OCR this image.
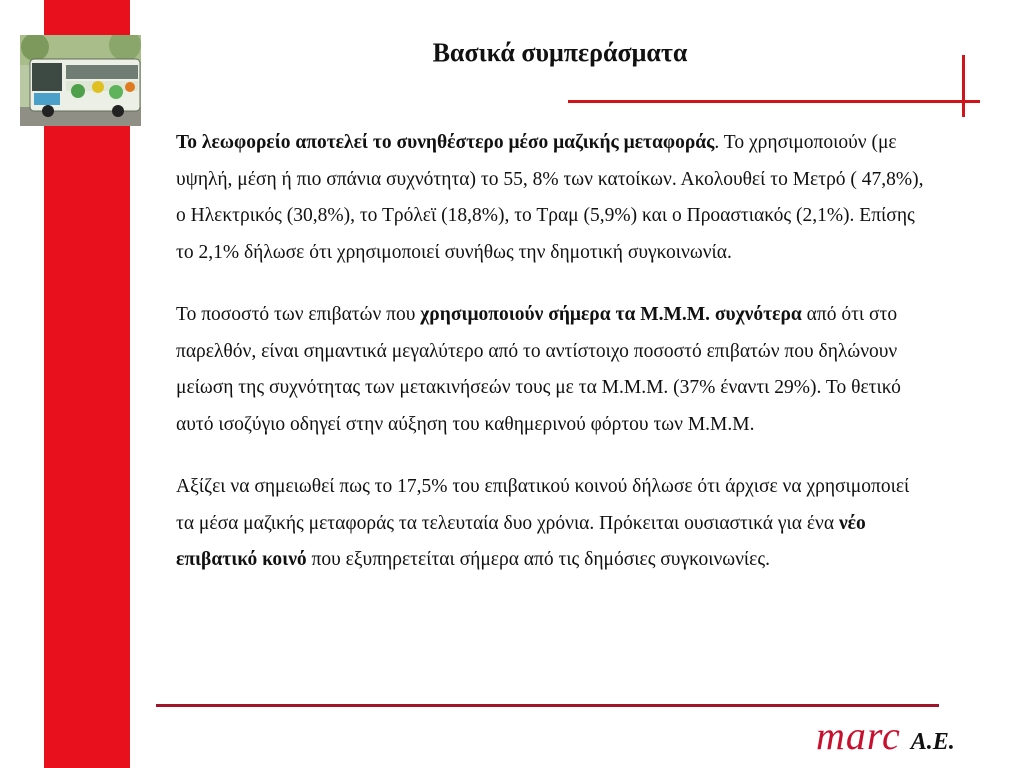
Βασικά συμπεράσματα

Το λεωφορείο αποτελεί το συνηθέστερο μέσο μαζικής μεταφοράς. Το χρησιμοποιούν (με υψηλή, μέση ή πιο σπάνια συχνότητα) το 55, 8% των κατοίκων. Ακολουθεί το Μετρό ( 47,8%), ο Ηλεκτρικός (30,8%), το Τρόλεϊ (18,8%), το Τραμ (5,9%) και ο Προαστιακός (2,1%). Επίσης το 2,1% δήλωσε ότι χρησιμοποιεί συνήθως την δημοτική συγκοινωνία.

Το ποσοστό των επιβατών που χρησιμοποιούν σήμερα τα Μ.Μ.Μ. συχνότερα από ότι στο παρελθόν, είναι σημαντικά μεγαλύτερο από το αντίστοιχο ποσοστό επιβατών που δηλώνουν μείωση της συχνότητας των μετακινήσεών τους με τα Μ.Μ.Μ. (37% έναντι 29%). Το θετικό αυτό ισοζύγιο οδηγεί στην αύξηση του καθημερινού φόρτου των Μ.Μ.Μ.

Αξίζει να σημειωθεί πως το 17,5% του επιβατικού κοινού δήλωσε ότι άρχισε να χρησιμοποιεί τα μέσα μαζικής μεταφοράς τα τελευταία δυο χρόνια. Πρόκειται ουσιαστικά για ένα νέο επιβατικό κοινό που εξυπηρετείται σήμερα από τις δημόσιες συγκοινωνίες.

marc A.E.
